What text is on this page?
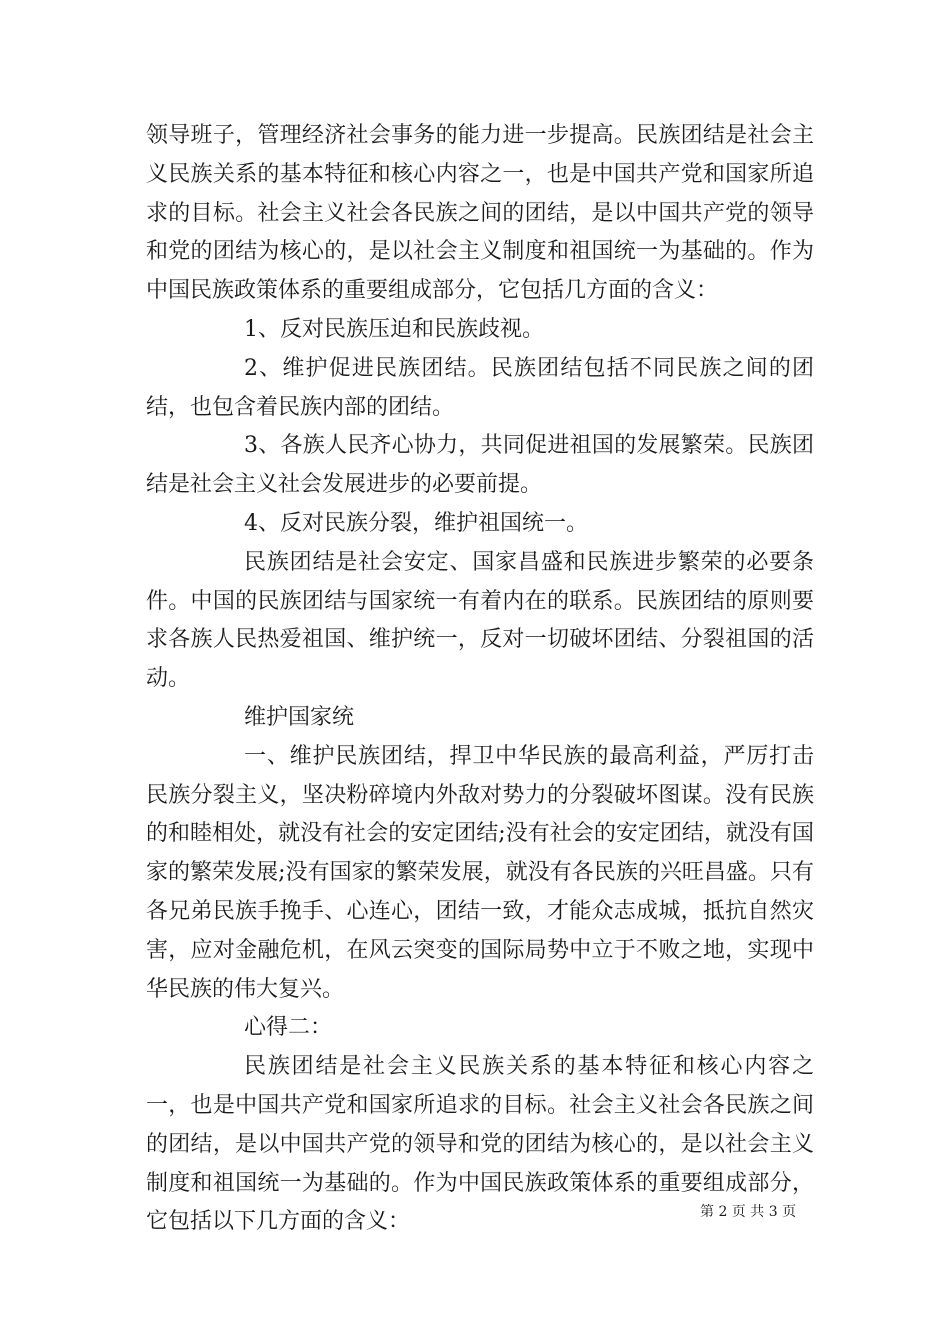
领导班子，管理经济社会事务的能力进一步提高。民族团结是社会主义民族关系的基本特征和核心内容之一，也是中国共产党和国家所追求的目标。社会主义社会各民族之间的团结，是以中国共产党的领导和党的团结为核心的，是以社会主义制度和祖国统一为基础的。作为中国民族政策体系的重要组成部分，它包括几方面的含义：

1、反对民族压迫和民族歧视。

2、维护促进民族团结。民族团结包括不同民族之间的团结，也包含着民族内部的团结。

3、各族人民齐心协力，共同促进祖国的发展繁荣。民族团结是社会主义社会发展进步的必要前提。

4、反对民族分裂，维护祖国统一。

民族团结是社会安定、国家昌盛和民族进步繁荣的必要条件。中国的民族团结与国家统一有着内在的联系。民族团结的原则要求各族人民热爱祖国、维护统一，反对一切破坏团结、分裂祖国的活动。

维护国家统

一、维护民族团结，捍卫中华民族的最高利益，严厉打击民族分裂主义，坚决粉碎境内外敌对势力的分裂破坏图谋。没有民族的和睦相处，就没有社会的安定团结;没有社会的安定团结，就没有国家的繁荣发展;没有国家的繁荣发展，就没有各民族的兴旺昌盛。只有各兄弟民族手挽手、心连心，团结一致，才能众志成城，抵抗自然灾害，应对金融危机，在风云突变的国际局势中立于不败之地，实现中华民族的伟大复兴。

心得二：

民族团结是社会主义民族关系的基本特征和核心内容之一，也是中国共产党和国家所追求的目标。社会主义社会各民族之间的团结，是以中国共产党的领导和党的团结为核心的，是以社会主义制度和祖国统一为基础的。作为中国民族政策体系的重要组成部分，它包括以下几方面的含义：	第 2 页 共 3 页
